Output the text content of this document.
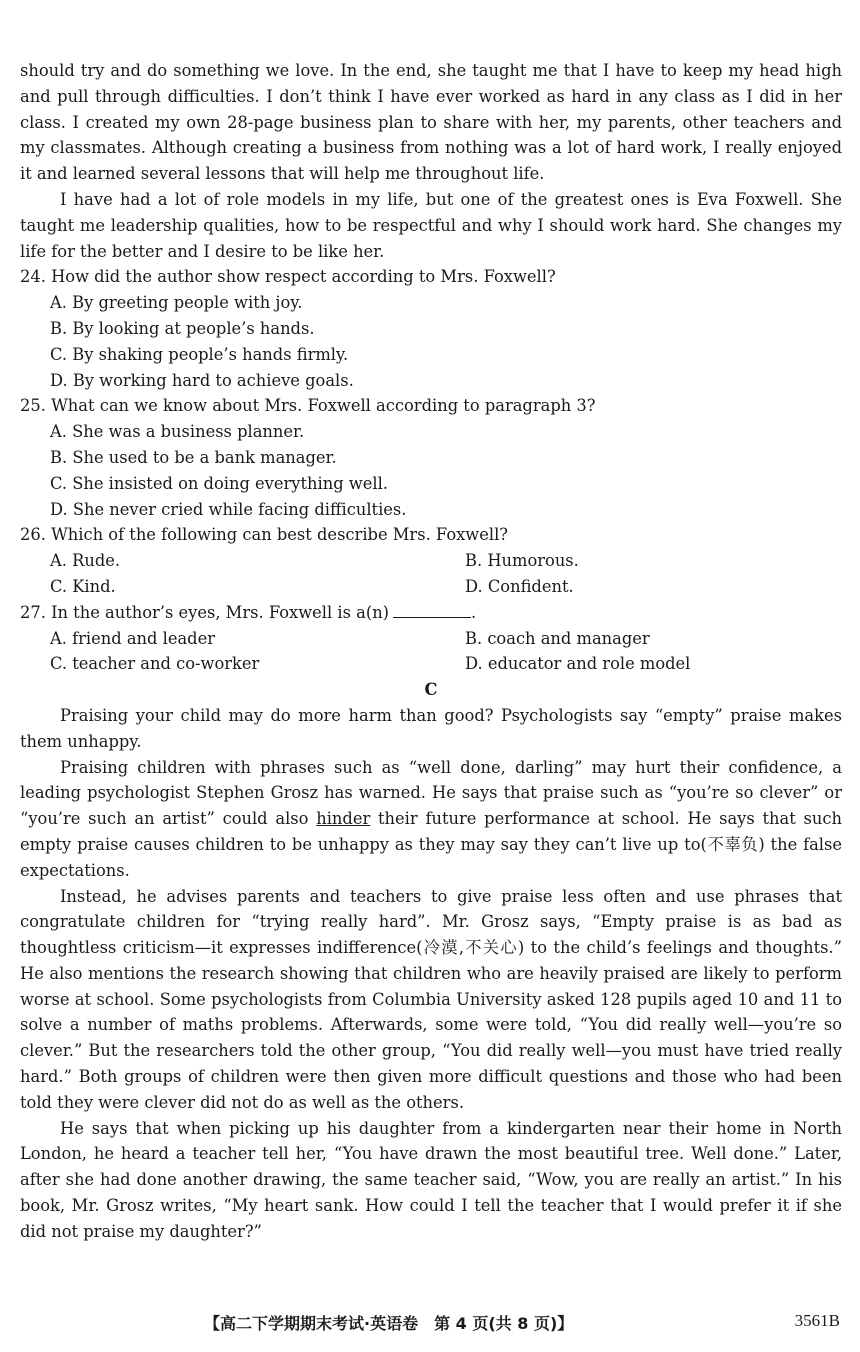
should try and do something we love. In the end, she taught me that I have to keep my head high and pull through difficulties. I don’t think I have ever worked as hard in any class as I did in her class. I created my own 28-page business plan to share with her, my parents, other teachers and my classmates. Although creating a business from nothing was a lot of hard work, I really enjoyed it and learned several lessons that will help me throughout life.

I have had a lot of role models in my life, but one of the greatest ones is Eva Foxwell. She taught me leadership qualities, how to be respectful and why I should work hard. She changes my life for the better and I desire to be like her.

24. How did the author show respect according to Mrs. Foxwell?

A. By greeting people with joy.

B. By looking at people’s hands.

C. By shaking people’s hands firmly.

D. By working hard to achieve goals.

25. What can we know about Mrs. Foxwell according to paragraph 3?

A. She was a business planner.

B. She used to be a bank manager.

C. She insisted on doing everything well.

D. She never cried while facing difficulties.

26. Which of the following can best describe Mrs. Foxwell?

A. Rude.	B. Humorous.
C. Kind.	D. Confident.

27. In the author’s eyes, Mrs. Foxwell is a(n)	.

A. friend and leader	B. coach and manager
C. teacher and co-worker	D. educator and role model

C

Praising your child may do more harm than good? Psychologists say “empty” praise makes them unhappy.

Praising children with phrases such as “well done, darling” may hurt their confidence, a leading psychologist Stephen Grosz has warned. He says that praise such as “you’re so clever” or “you’re such an artist” could also hinder their future performance at school. He says that such empty praise causes children to be unhappy as they may say they can’t live up to(不辜负) the false expectations.

Instead, he advises parents and teachers to give praise less often and use phrases that congratulate children for “trying really hard”. Mr. Grosz says, “Empty praise is as bad as thoughtless criticism—it expresses indifference(冷漠,不关心) to the child’s feelings and thoughts.” He also mentions the research showing that children who are heavily praised are likely to perform worse at school. Some psychologists from Columbia University asked 128 pupils aged 10 and 11 to solve a number of maths problems. Afterwards, some were told, “You did really well—you’re so clever.” But the researchers told the other group, “You did really well—you must have tried really hard.” Both groups of children were then given more difficult questions and those who had been told they were clever did not do as well as the others.

He says that when picking up his daughter from a kindergarten near their home in North London, he heard a teacher tell her, “You have drawn the most beautiful tree. Well done.” Later, after she had done another drawing, the same teacher said, “Wow, you are really an artist.” In his book, Mr. Grosz writes, “My heart sank. How could I tell the teacher that I would prefer it if she did not praise my daughter?”

【高二下学期期末考试·英语卷　第 4 页(共 8 页)】	3561B
